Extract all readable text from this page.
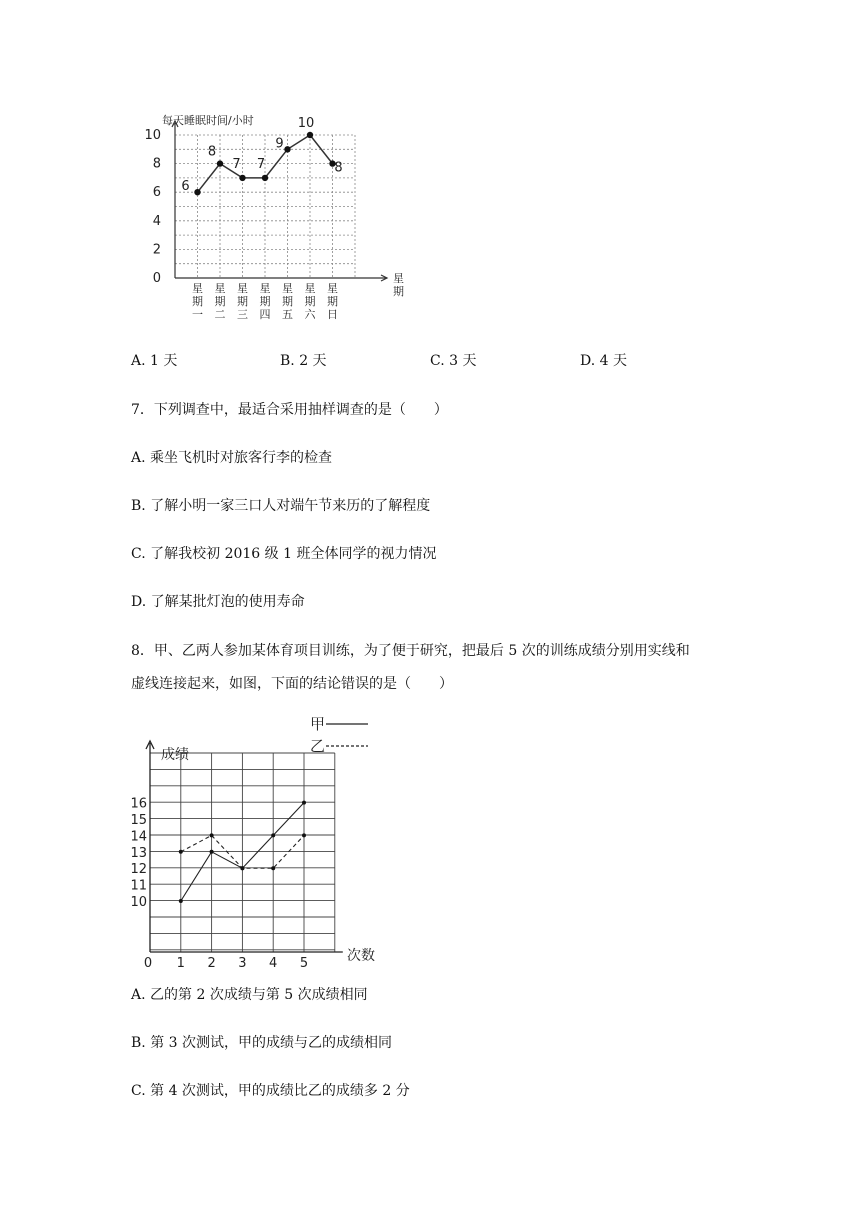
0
2
4
6
8
10
星期一
星期二
星期三
星期四
星期五
星期六
星期日
6
8
7 7
9
10
8
每天睡眠时间/小时
星期
A. 1 天	B. 2 天	C. 3 天	D. 4 天
7．下列调查中，最适合采用抽样调查的是（　　）
A. 乘坐飞机时对旅客行李的检查
B. 了解小明一家三口人对端午节来历的了解程度
C. 了解我校初 2016 级 1 班全体同学的视力情况
D. 了解某批灯泡的使用寿命
8．甲、乙两人参加某体育项目训练，为了便于研究，把最后 5 次的训练成绩分别用实线和
虚线连接起来，如图，下面的结论错误的是（　　）
10
11
12
13
14
15
16
0 1 2 3 4 5
甲
乙
成绩
次数
A. 乙的第 2 次成绩与第 5 次成绩相同
B. 第 3 次测试，甲的成绩与乙的成绩相同
C. 第 4 次测试，甲的成绩比乙的成绩多 2 分
